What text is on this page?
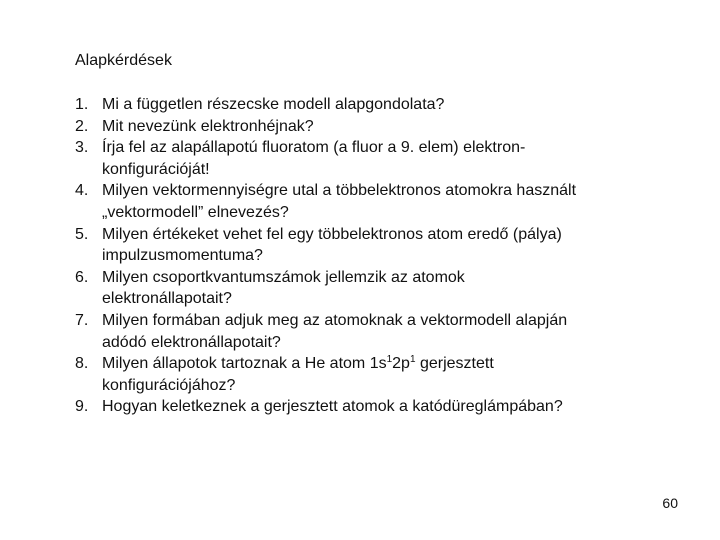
Alapkérdések
1. Mi a független részecske modell alapgondolata?
2. Mit nevezünk elektronhéjnak?
3. Írja fel az alapállapotú fluoratom (a fluor a 9. elem) elektron-
konfigurációját!
4. Milyen vektormennyiségre utal a többelektronos atomokra használt
„vektormodell” elnevezés?
5. Milyen értékeket vehet fel egy többelektronos atom eredő (pálya)
impulzusmomentuma?
6. Milyen csoportkvantumszámok jellemzik az atomok
elektronállapotait?
7. Milyen formában adjuk meg az atomoknak a vektormodell alapján
adódó elektronállapotait?
8. Milyen állapotok tartoznak a He atom $1s^12p^1$ gerjesztett
konfigurációjához?
9. Hogyan keletkeznek a gerjesztett atomok a katódüreglámpában?
60
